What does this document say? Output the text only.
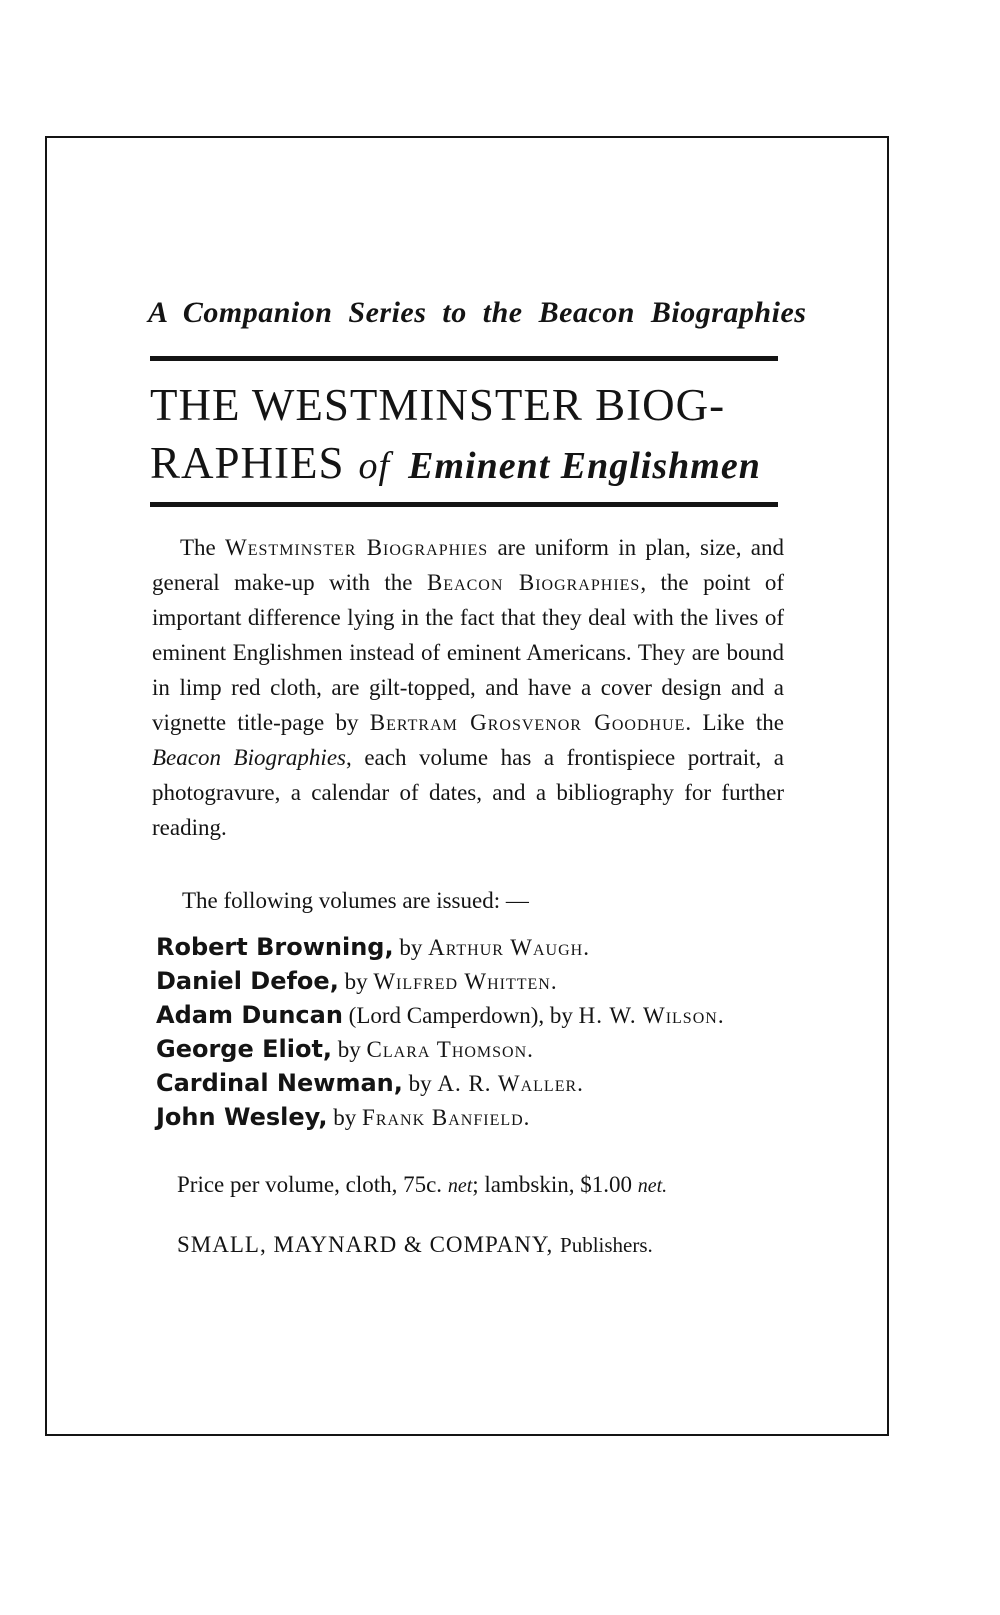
A Companion Series to the Beacon Biographies
THE WESTMINSTER BIOG-
RAPHIES of Eminent Englishmen

The Westminster Biographies are uniform in plan, size, and general make-up with the Beacon Biographies, the point of important difference lying in the fact that they deal with the lives of eminent Englishmen instead of eminent Americans. They are bound in limp red cloth, are gilt-topped, and have a cover design and a vignette title-page by Bertram Grosvenor Goodhue. Like the Beacon Biographies, each volume has a frontispiece portrait, a photogravure, a calendar of dates, and a bibliography for further reading.

The following volumes are issued: —
Robert Browning, by Arthur Waugh.
Daniel Defoe, by Wilfred Whitten.
Adam Duncan (Lord Camperdown), by H. W. Wilson.
George Eliot, by Clara Thomson.
Cardinal Newman, by A. R. Waller.
John Wesley, by Frank Banfield.
Price per volume, cloth, 75c. net; lambskin, $1.00 net.
SMALL, MAYNARD & COMPANY, Publishers.
